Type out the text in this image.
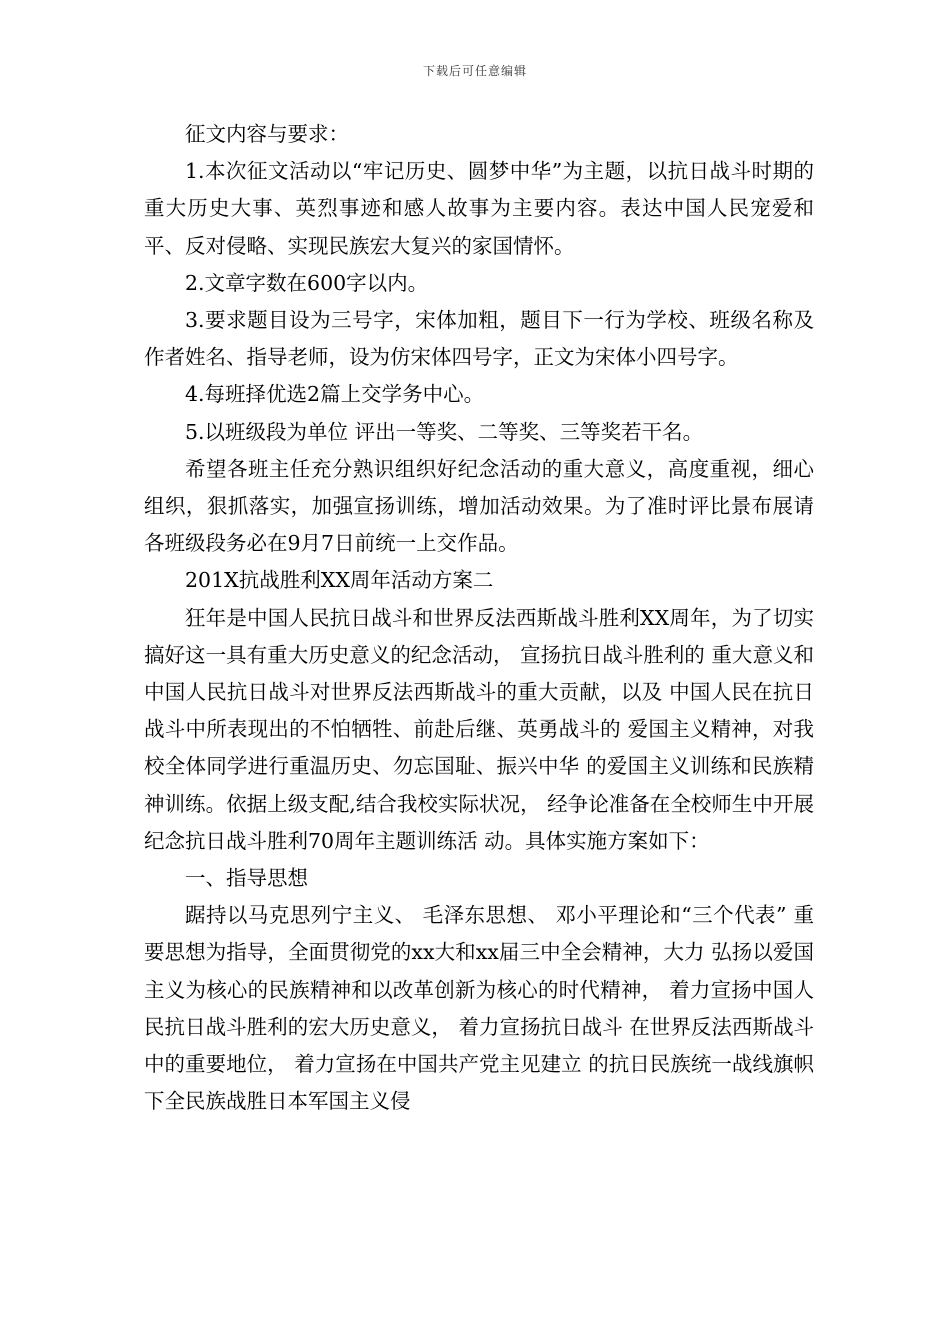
下载后可任意编辑

征文内容与要求：

1.本次征文活动以“牢记历史、圆梦中华”为主题，以抗日战斗时期的重大历史大事、英烈事迹和感人故事为主要内容。表达中国人民宠爱和平、反对侵略、实现民族宏大复兴的家国情怀。

2.文章字数在600字以内。

3.要求题目设为三号字，宋体加粗，题目下一行为学校、班级名称及作者姓名、指导老师，设为仿宋体四号字，正文为宋体小四号字。

4.每班择优选2篇上交学务中心。

5.以班级段为单位 评出一等奖、二等奖、三等奖若干名。

希望各班主任充分熟识组织好纪念活动的重大意义，高度重视，细心组织，狠抓落实，加强宣扬训练，增加活动效果。为了准时评比景布展请各班级段务必在9月7日前统一上交作品。

201X抗战胜利XX周年活动方案二

狂年是中国人民抗日战斗和世界反法西斯战斗胜利XX周年，为了切实搞好这一具有重大历史意义的纪念活动， 宣扬抗日战斗胜利的 重大意义和中国人民抗日战斗对世界反法西斯战斗的重大贡献，以及 中国人民在抗日战斗中所表现出的不怕牺牲、前赴后继、英勇战斗的 爱国主义精神，对我校全体同学进行重温历史、勿忘国耻、振兴中华 的爱国主义训练和民族精神训练。依据上级支配,结合我校实际状况， 经争论准备在全校师生中开展纪念抗日战斗胜利70周年主题训练活 动。具体实施方案如下：

一、指导思想

踞持以马克思列宁主义、 毛泽东思想、 邓小平理论和“三个代表” 重要思想为指导，全面贯彻党的xx大和xx届三中全会精神，大力 弘扬以爱国主义为核心的民族精神和以改革创新为核心的时代精神， 着力宣扬中国人民抗日战斗胜利的宏大历史意义， 着力宣扬抗日战斗 在世界反法西斯战斗中的重要地位， 着力宣扬在中国共产党主见建立 的抗日民族统一战线旗帜下全民族战胜日本军国主义侵
